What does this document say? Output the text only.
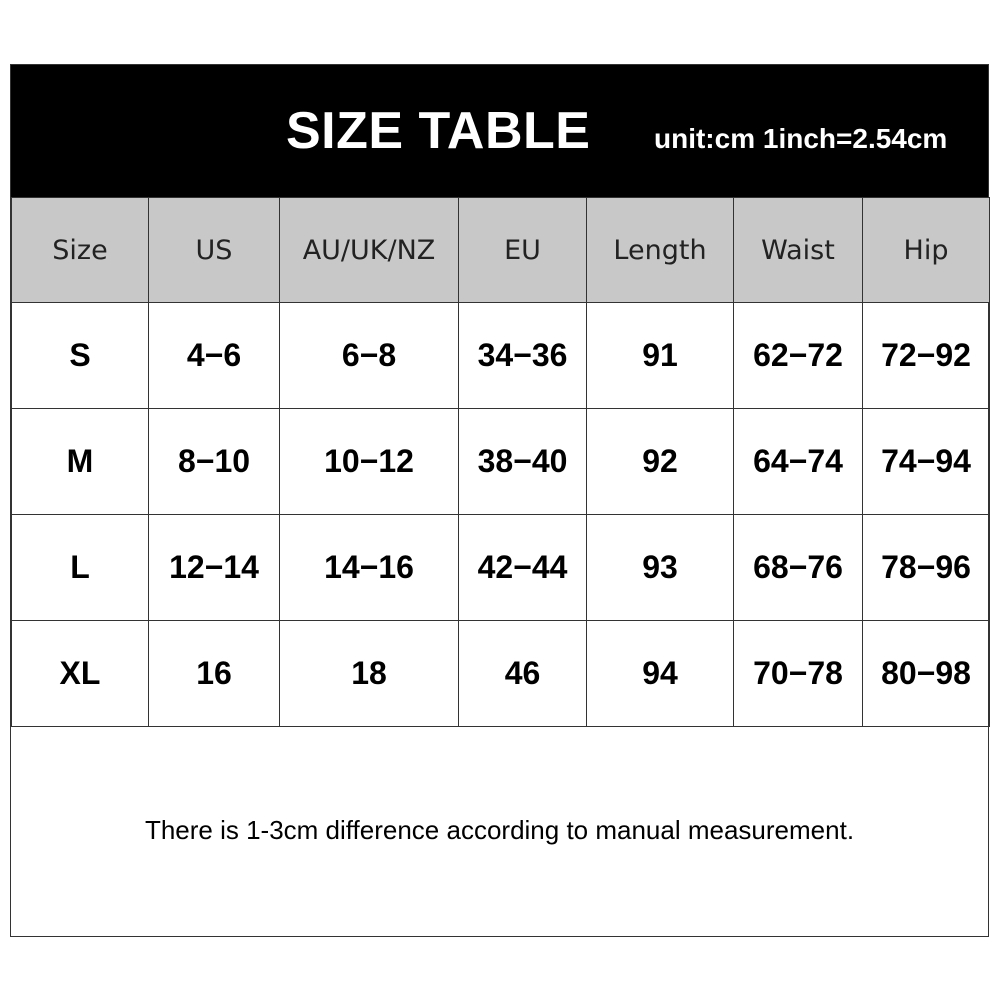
SIZE TABLE unit:cm 1inch=2.54cm
Size	US	AU/UK/NZ	EU	Length	Waist	Hip
S	4−6	6−8	34−36	91	62−72	72−92
M	8−10	10−12	38−40	92	64−74	74−94
L	12−14	14−16	42−44	93	68−76	78−96
XL	16	18	46	94	70−78	80−98
There is 1-3cm difference according to manual measurement.
